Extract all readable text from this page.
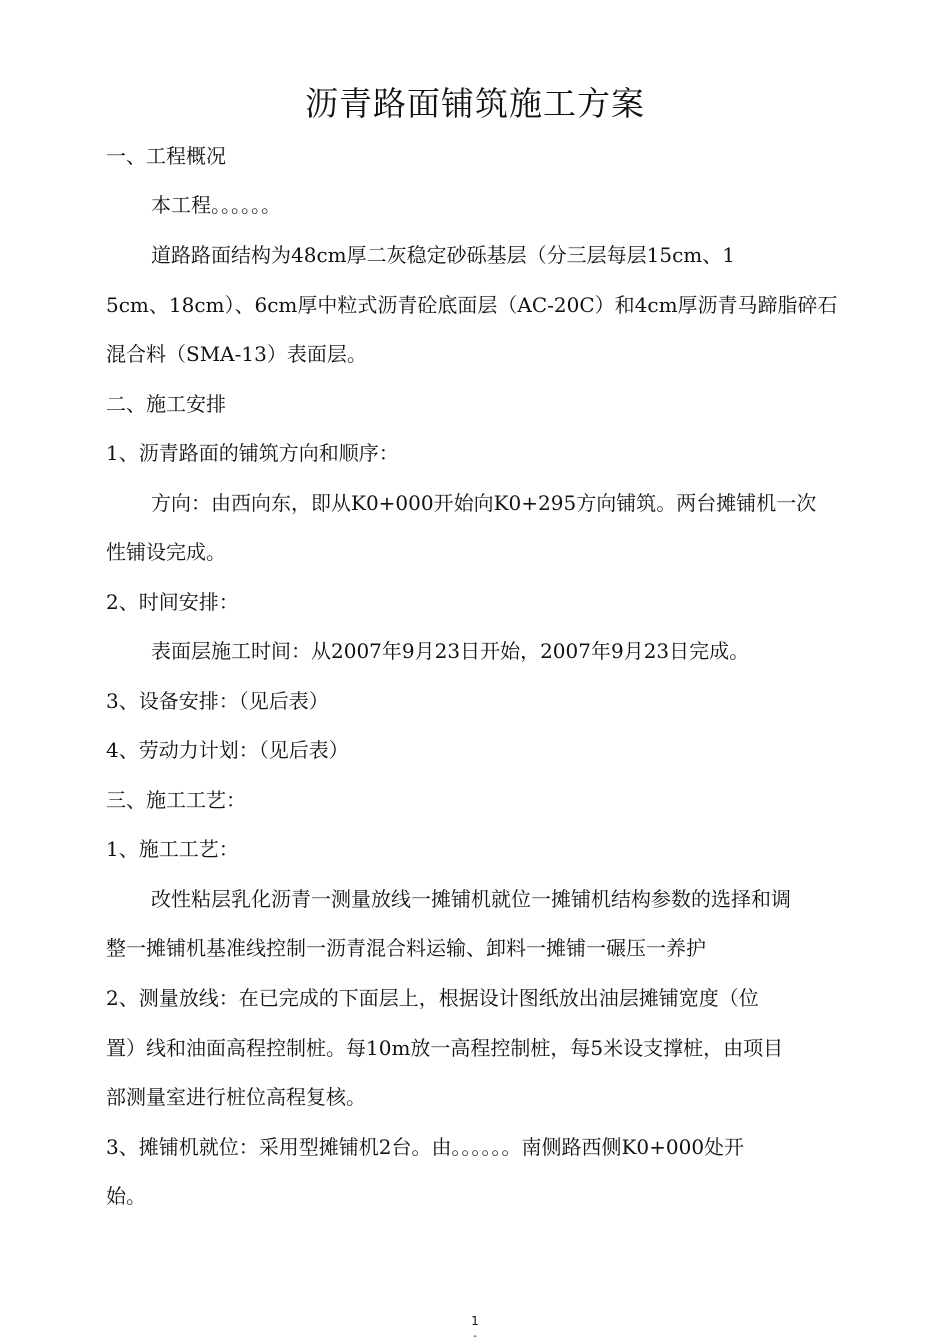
沥青路面铺筑施工方案
一、工程概况
本工程。。。。。。
道路路面结构为48cm厚二灰稳定砂砾基层（分三层每层15cm、1
5cm、18cm）、6cm厚中粒式沥青砼底面层（AC-20C）和4cm厚沥青马蹄脂碎石
混合料（SMA-13）表面层。
二、施工安排
1、沥青路面的铺筑方向和顺序：
方向：由西向东，即从K0+000开始向K0+295方向铺筑。两台摊铺机一次
性铺设完成。
2、时间安排：
表面层施工时间：从2007年9月23日开始，2007年9月23日完成。
3、设备安排：（见后表）
4、劳动力计划：（见后表）
三、施工工艺：
1、施工工艺：
改性粘层乳化沥青一测量放线一摊铺机就位一摊铺机结构参数的选择和调
整一摊铺机基准线控制一沥青混合料运输、卸料一摊铺一碾压一养护
2、测量放线：在已完成的下面层上，根据设计图纸放出油层摊铺宽度（位
置）线和油面高程控制桩。每10m放一高程控制桩，每5米设支撑桩，由项目
部测量室进行桩位高程复核。
3、摊铺机就位：采用型摊铺机2台。由。。。。。。南侧路西侧K0+000处开
始。
1
-
